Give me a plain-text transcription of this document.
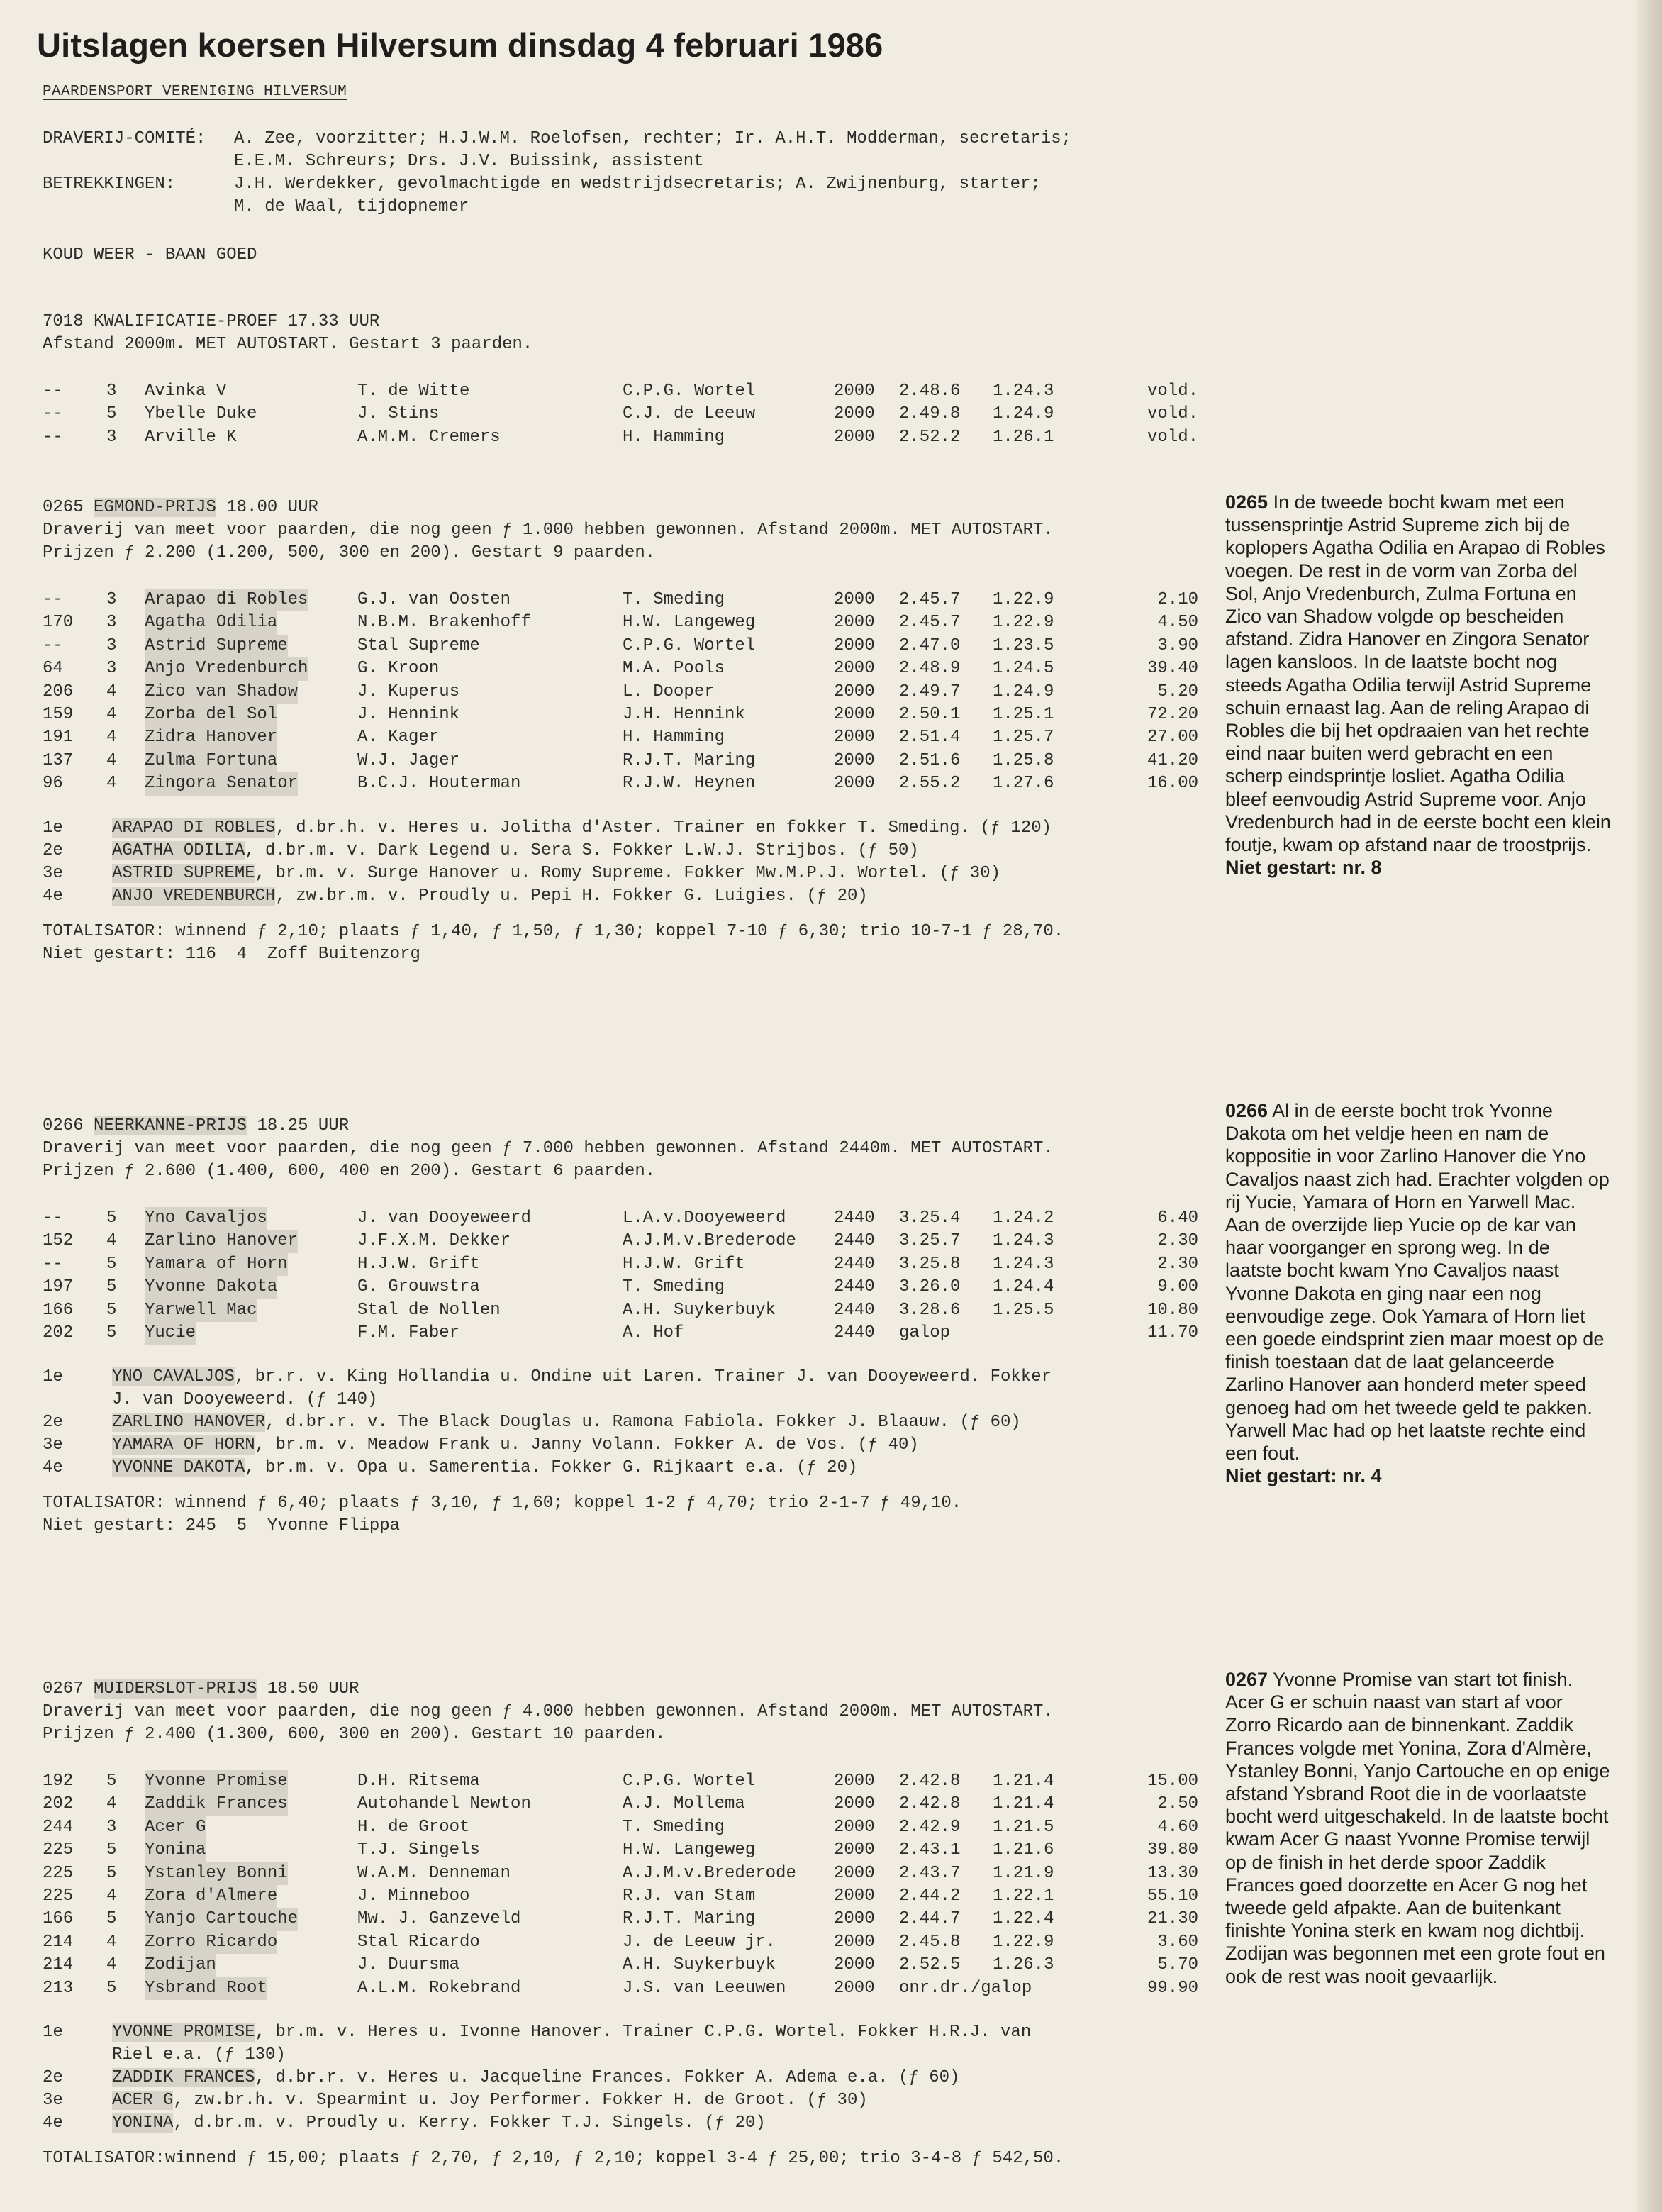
Uitslagen koersen Hilversum dinsdag 4 februari 1986
PAARDENSPORT VERENIGING HILVERSUM
DRAVERIJ-COMITÉ: A. Zee, voorzitter; H.J.W.M. Roelofsen, rechter; Ir. A.H.T. Modderman, secretaris;
E.E.M. Schreurs; Drs. J.V. Buissink, assistent
BETREKKINGEN:	J.H. Werdekker, gevolmachtigde en wedstrijdsecretaris; A. Zwijnenburg, starter;
M. de Waal, tijdopnemer
KOUD WEER - BAAN GOED
7018 KWALIFICATIE-PROEF 17.33 UUR
Afstand 2000m. MET AUTOSTART. Gestart 3 paarden.
--	3 Avinka V	T. de Witte	C.P.G. Wortel	2000 2.48.6 1.24.3	vold.
--	5 Ybelle Duke	J. Stins	C.J. de Leeuw	2000 2.49.8 1.24.9	vold.
--	3 Arville K	A.M.M. Cremers	H. Hamming	2000 2.52.2 1.26.1	vold.
0265 EGMOND-PRIJS 18.00 UUR
Draverij van meet voor paarden, die nog geen ƒ 1.000 hebben gewonnen. Afstand 2000m. MET AUTOSTART.
Prijzen ƒ 2.200 (1.200, 500, 300 en 200). Gestart 9 paarden.
--	3 Arapao di Robles	G.J. van Oosten	T. Smeding	2000 2.45.7 1.22.9	2.10
170 3 Agatha Odilia	N.B.M. Brakenhoff	H.W. Langeweg	2000 2.45.7 1.22.9	4.50
--	3 Astrid Supreme	Stal Supreme	C.P.G. Wortel	2000 2.47.0 1.23.5	3.90
64	3 Anjo Vredenburch	G. Kroon	M.A. Pools	2000 2.48.9 1.24.5	39.40
206 4 Zico van Shadow	J. Kuperus	L. Dooper	2000 2.49.7 1.24.9	5.20
159 4 Zorba del Sol	J. Hennink	J.H. Hennink	2000 2.50.1 1.25.1	72.20
191 4 Zidra Hanover	A. Kager	H. Hamming	2000 2.51.4 1.25.7	27.00
137 4 Zulma Fortuna	W.J. Jager	R.J.T. Maring	2000 2.51.6 1.25.8	41.20
96	4 Zingora Senator	B.C.J. Houterman	R.J.W. Heynen	2000 2.55.2 1.27.6	16.00
1e	ARAPAO DI ROBLES, d.br.h. v. Heres u. Jolitha d'Aster. Trainer en fokker T. Smeding. (ƒ 120)
2e	AGATHA ODILIA, d.br.m. v. Dark Legend u. Sera S. Fokker L.W.J. Strijbos. (ƒ 50)
3e	ASTRID SUPREME, br.m. v. Surge Hanover u. Romy Supreme. Fokker Mw.M.P.J. Wortel. (ƒ 30)
4e	ANJO VREDENBURCH, zw.br.m. v. Proudly u. Pepi H. Fokker G. Luigies. (ƒ 20)
TOTALISATOR: winnend ƒ 2,10; plaats ƒ 1,40, ƒ 1,50, ƒ 1,30; koppel 7-10 ƒ 6,30; trio 10-7-1 ƒ 28,70.
Niet gestart: 116  4  Zoff Buitenzorg
0266 NEERKANNE-PRIJS 18.25 UUR
Draverij van meet voor paarden, die nog geen ƒ 7.000 hebben gewonnen. Afstand 2440m. MET AUTOSTART.
Prijzen ƒ 2.600 (1.400, 600, 400 en 200). Gestart 6 paarden.
--	5 Yno Cavaljos	J. van Dooyeweerd	L.A.v.Dooyeweerd	2440 3.25.4 1.24.2	6.40
152 4 Zarlino Hanover	J.F.X.M. Dekker	A.J.M.v.Brederode 2440 3.25.7 1.24.3	2.30
--	5 Yamara of Horn	H.J.W. Grift	H.J.W. Grift	2440 3.25.8 1.24.3	2.30
197 5 Yvonne Dakota	G. Grouwstra	T. Smeding	2440 3.26.0 1.24.4	9.00
166 5 Yarwell Mac	Stal de Nollen	A.H. Suykerbuyk	2440 3.28.6 1.25.5	10.80
202 5 Yucie	F.M. Faber	A. Hof	2440 galop	11.70
1e	YNO CAVALJOS, br.r. v. King Hollandia u. Ondine uit Laren. Trainer J. van Dooyeweerd. Fokker
J. van Dooyeweerd. (ƒ 140)
2e	ZARLINO HANOVER, d.br.r. v. The Black Douglas u. Ramona Fabiola. Fokker J. Blaauw. (ƒ 60)
3e	YAMARA OF HORN, br.m. v. Meadow Frank u. Janny Volann. Fokker A. de Vos. (ƒ 40)
4e	YVONNE DAKOTA, br.m. v. Opa u. Samerentia. Fokker G. Rijkaart e.a. (ƒ 20)
TOTALISATOR: winnend ƒ 6,40; plaats ƒ 3,10, ƒ 1,60; koppel 1-2 ƒ 4,70; trio 2-1-7 ƒ 49,10.
Niet gestart: 245  5  Yvonne Flippa
0267 MUIDERSLOT-PRIJS 18.50 UUR
Draverij van meet voor paarden, die nog geen ƒ 4.000 hebben gewonnen. Afstand 2000m. MET AUTOSTART.
Prijzen ƒ 2.400 (1.300, 600, 300 en 200). Gestart 10 paarden.
192 5 Yvonne Promise	D.H. Ritsema	C.P.G. Wortel	2000 2.42.8 1.21.4	15.00
202 4 Zaddik Frances	Autohandel Newton	A.J. Mollema	2000 2.42.8 1.21.4	2.50
244 3 Acer G	H. de Groot	T. Smeding	2000 2.42.9 1.21.5	4.60
225 5 Yonina	T.J. Singels	H.W. Langeweg	2000 2.43.1 1.21.6	39.80
225 5 Ystanley Bonni	W.A.M. Denneman	A.J.M.v.Brederode 2000 2.43.7 1.21.9	13.30
225 4 Zora d'Almere	J. Minneboo	R.J. van Stam	2000 2.44.2 1.22.1	55.10
166 5 Yanjo Cartouche	Mw. J. Ganzeveld	R.J.T. Maring	2000 2.44.7 1.22.4	21.30
214 4 Zorro Ricardo	Stal Ricardo	J. de Leeuw jr.	2000 2.45.8 1.22.9	3.60
214 4 Zodijan	J. Duursma	A.H. Suykerbuyk	2000 2.52.5 1.26.3	5.70
213 5 Ysbrand Root	A.L.M. Rokebrand	J.S. van Leeuwen	2000 onr.dr./galop	99.90
1e	YVONNE PROMISE, br.m. v. Heres u. Ivonne Hanover. Trainer C.P.G. Wortel. Fokker H.R.J. van
Riel e.a. (ƒ 130)
2e	ZADDIK FRANCES, d.br.r. v. Heres u. Jacqueline Frances. Fokker A. Adema e.a. (ƒ 60)
3e	ACER G, zw.br.h. v. Spearmint u. Joy Performer. Fokker H. de Groot. (ƒ 30)
4e	YONINA, d.br.m. v. Proudly u. Kerry. Fokker T.J. Singels. (ƒ 20)
TOTALISATOR:winnend ƒ 15,00; plaats ƒ 2,70, ƒ 2,10, ƒ 2,10; koppel 3-4 ƒ 25,00; trio 3-4-8 ƒ 542,50.
0265 In de tweede bocht kwam met een tussensprintje Astrid Supreme zich bij de koplopers Agatha Odilia en Arapao di Robles voegen. De rest in de vorm van Zorba del Sol, Anjo Vredenburch, Zulma Fortuna en Zico van Shadow volgde op bescheiden afstand. Zidra Hanover en Zingora Senator lagen kansloos. In de laatste bocht nog steeds Agatha Odilia terwijl Astrid Supreme schuin ernaast lag. Aan de reling Arapao di Robles die bij het opdraaien van het rechte eind naar buiten werd gebracht en een scherp eindsprintje losliet. Agatha Odilia bleef eenvoudig Astrid Supreme voor. Anjo Vredenburch had in de eerste bocht een klein foutje, kwam op afstand naar de troostprijs.
Niet gestart: nr. 8
0266 Al in de eerste bocht trok Yvonne Dakota om het veldje heen en nam de koppositie in voor Zarlino Hanover die Yno Cavaljos naast zich had. Erachter volgden op rij Yucie, Yamara of Horn en Yarwell Mac. Aan de overzijde liep Yucie op de kar van haar voorganger en sprong weg. In de laatste bocht kwam Yno Cavaljos naast Yvonne Dakota en ging naar een nog eenvoudige zege. Ook Yamara of Horn liet een goede eindsprint zien maar moest op de finish toestaan dat de laat gelanceerde Zarlino Hanover aan honderd meter speed genoeg had om het tweede geld te pakken. Yarwell Mac had op het laatste rechte eind een fout.
Niet gestart: nr. 4
0267 Yvonne Promise van start tot finish. Acer G er schuin naast van start af voor Zorro Ricardo aan de binnenkant. Zaddik Frances volgde met Yonina, Zora d'Almère, Ystanley Bonni, Yanjo Cartouche en op enige afstand Ysbrand Root die in de voorlaatste bocht werd uitgeschakeld. In de laatste bocht kwam Acer G naast Yvonne Promise terwijl op de finish in het derde spoor Zaddik Frances goed doorzette en Acer G nog het tweede geld afpakte. Aan de buitenkant finishte Yonina sterk en kwam nog dichtbij. Zodijan was begonnen met een grote fout en ook de rest was nooit gevaarlijk.
